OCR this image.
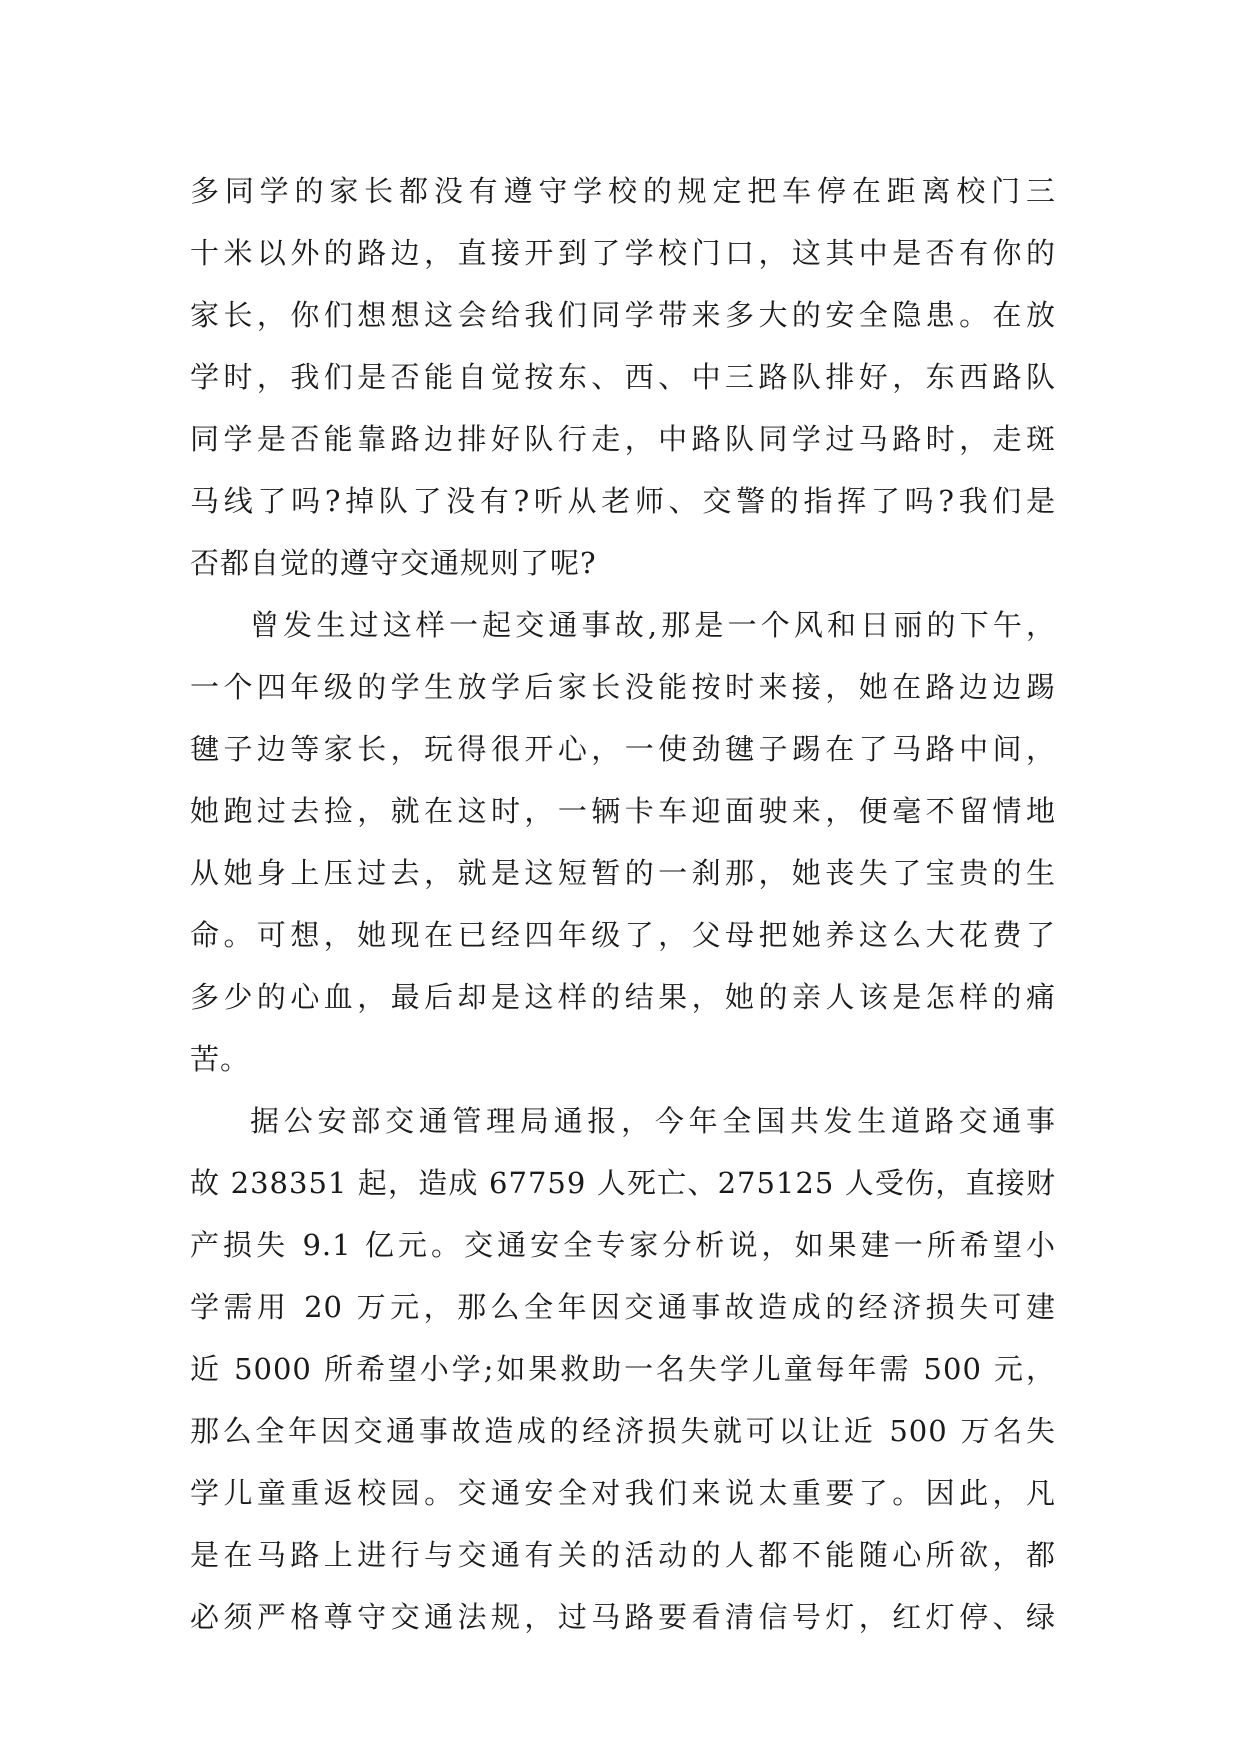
多同学的家长都没有遵守学校的规定把车停在距离校门三
十米以外的路边，直接开到了学校门口，这其中是否有你的
家长，你们想想这会给我们同学带来多大的安全隐患。在放
学时，我们是否能自觉按东、西、中三路队排好，东西路队
同学是否能靠路边排好队行走，中路队同学过马路时，走斑
马线了吗?掉队了没有?听从老师、交警的指挥了吗?我们是
否都自觉的遵守交通规则了呢?
曾发生过这样一起交通事故,那是一个风和日丽的下午，
一个四年级的学生放学后家长没能按时来接，她在路边边踢
毽子边等家长，玩得很开心，一使劲毽子踢在了马路中间，
她跑过去捡，就在这时，一辆卡车迎面驶来，便毫不留情地
从她身上压过去，就是这短暂的一刹那，她丧失了宝贵的生
命。可想，她现在已经四年级了，父母把她养这么大花费了
多少的心血，最后却是这样的结果，她的亲人该是怎样的痛
苦。
据公安部交通管理局通报，今年全国共发生道路交通事
故 238351 起，造成 67759 人死亡、275125 人受伤，直接财
产损失 9.1 亿元。交通安全专家分析说，如果建一所希望小
学需用 20 万元，那么全年因交通事故造成的经济损失可建
近 5000 所希望小学;如果救助一名失学儿童每年需 500 元，
那么全年因交通事故造成的经济损失就可以让近 500 万名失
学儿童重返校园。交通安全对我们来说太重要了。因此，凡
是在马路上进行与交通有关的活动的人都不能随心所欲，都
必须严格尊守交通法规，过马路要看清信号灯，红灯停、绿
